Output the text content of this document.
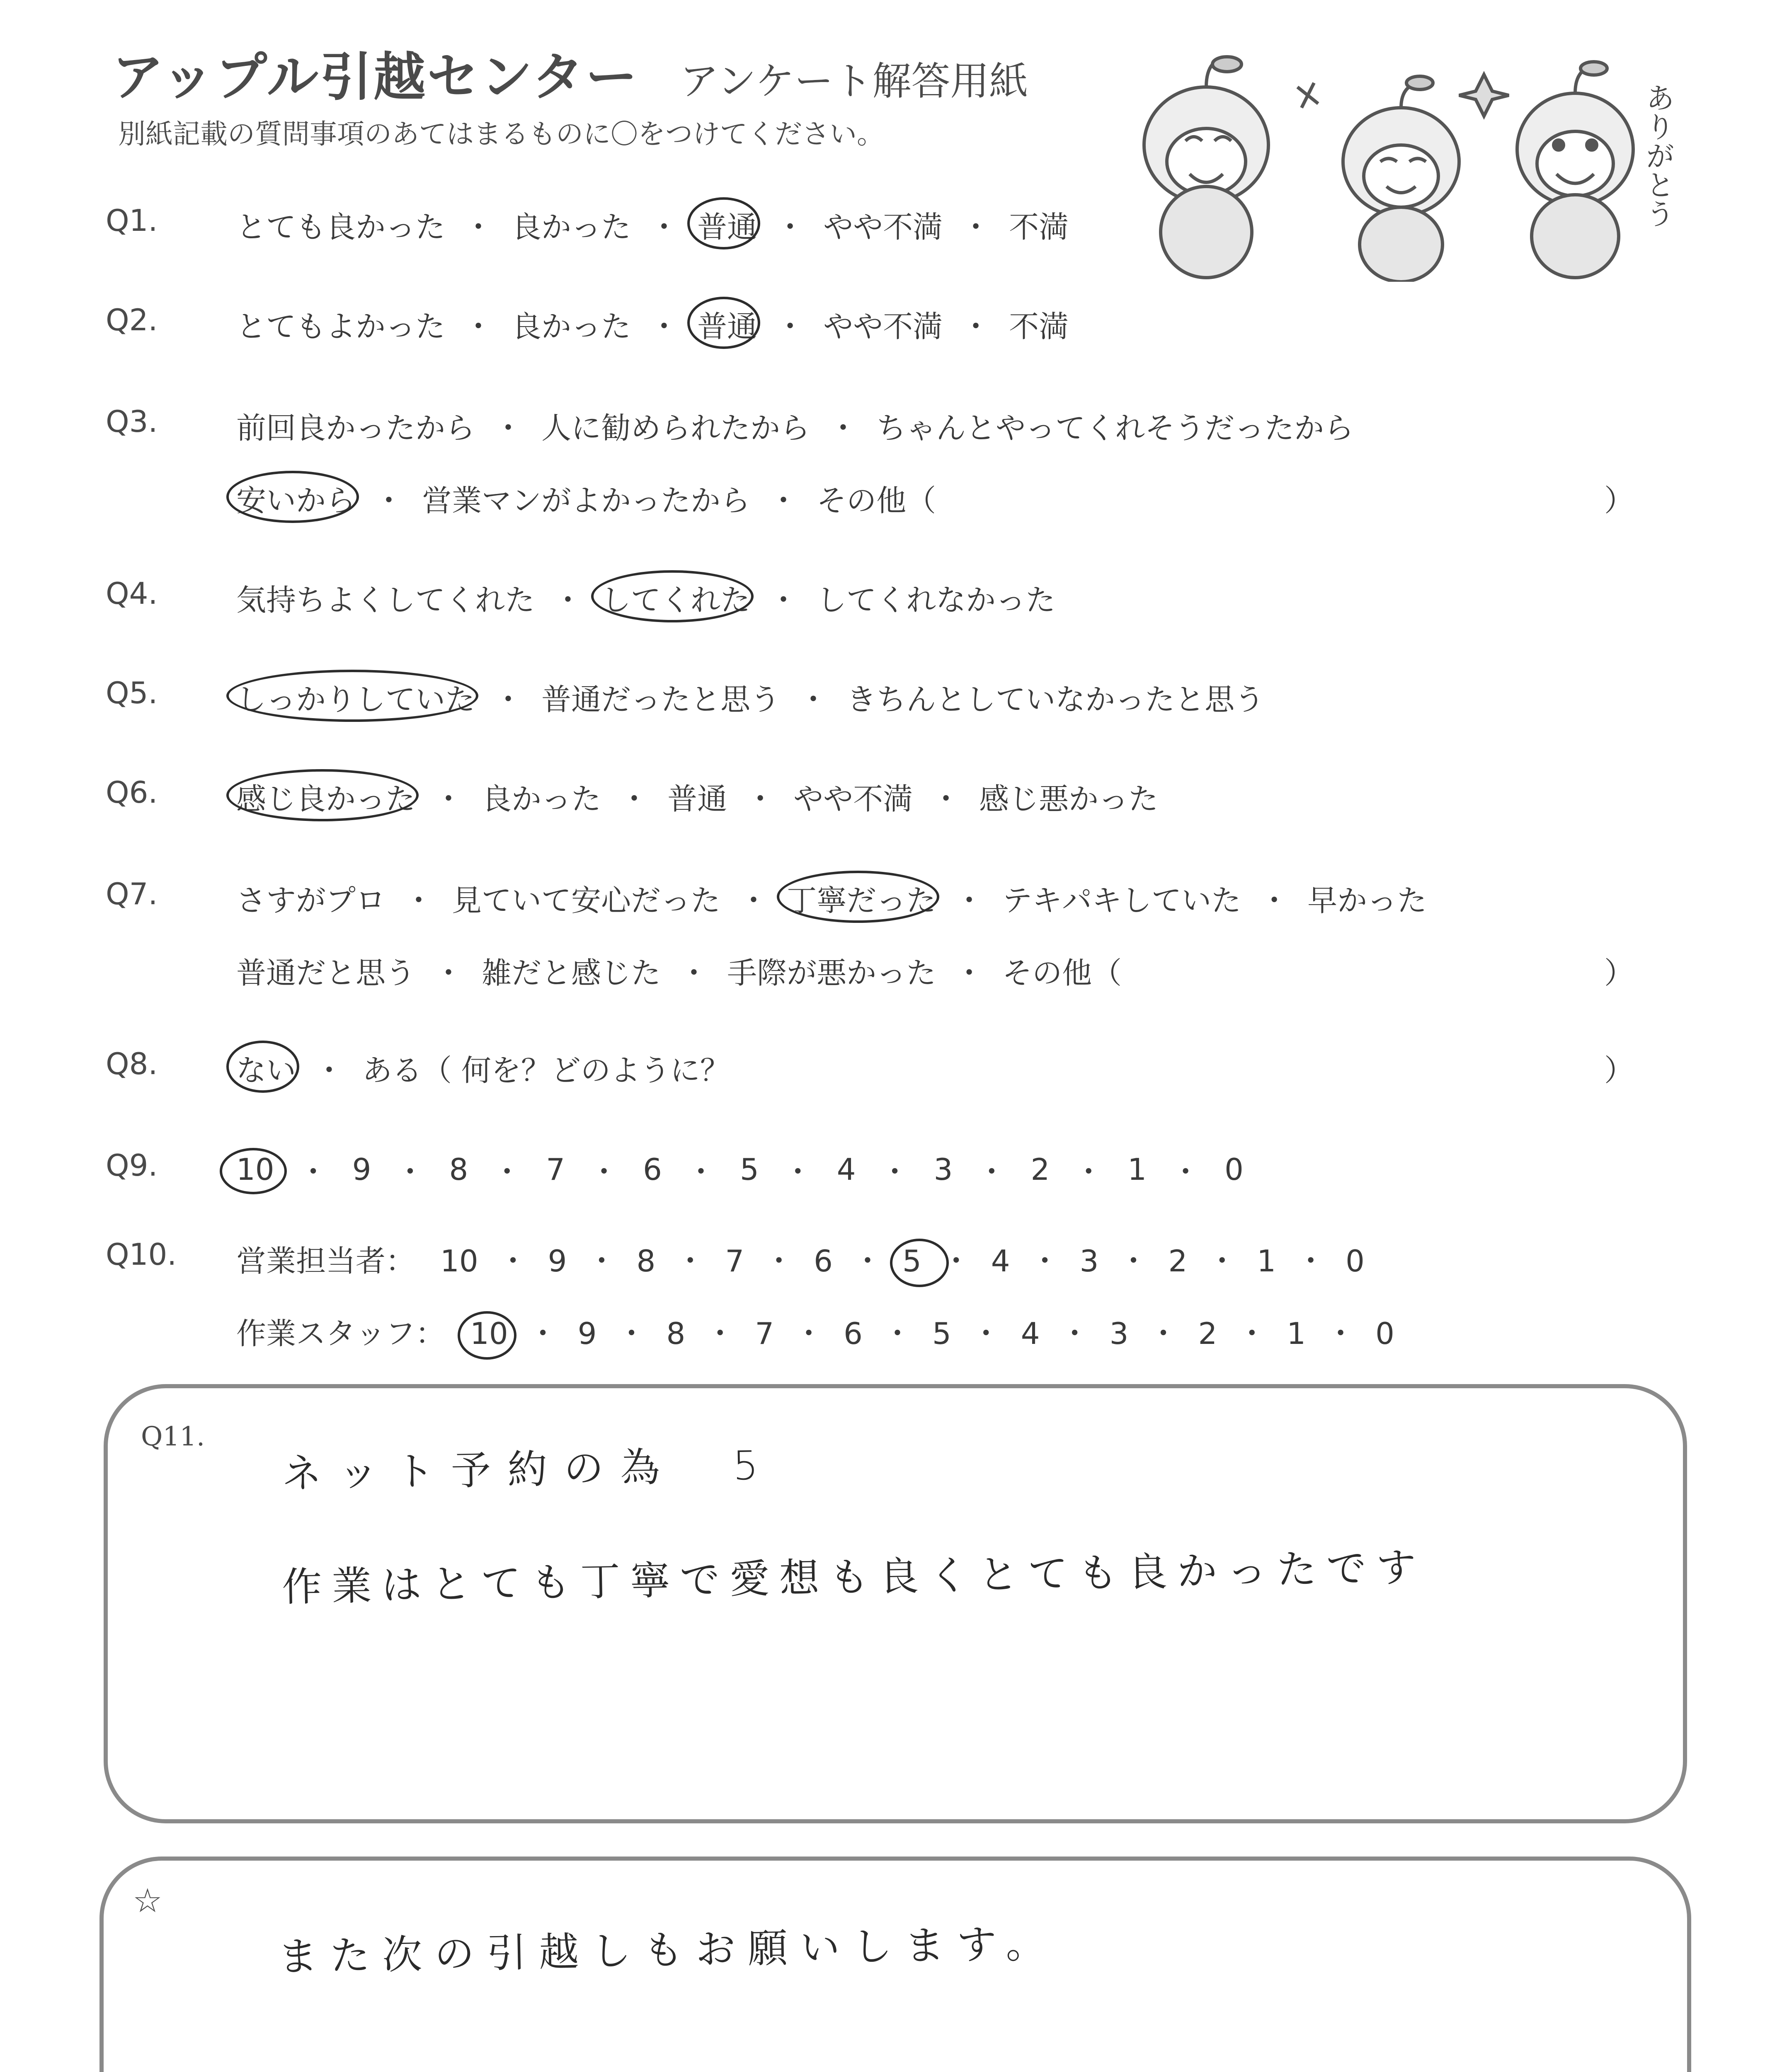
アップル引越センター アンケート解答用紙
別紙記載の質問事項のあてはまるものに〇をつけてください。	ありがとう
Q1.	とても良かった ・ 良かった ・ 普通 ・ やや不満 ・ 不満
Q2.	とてもよかった ・ 良かった ・ 普通 ・ やや不満 ・ 不満
Q3.	前回良かったから ・ 人に勧められたから ・ ちゃんとやってくれそうだったから
安いから ・ 営業マンがよかったから ・ その他（	）
Q4.	気持ちよくしてくれた ・ してくれた ・ してくれなかった
Q5.	しっかりしていた ・ 普通だったと思う ・ きちんとしていなかったと思う
Q6.	感じ良かった ・ 良かった ・ 普通 ・ やや不満 ・ 感じ悪かった
Q7.	さすがプロ ・ 見ていて安心だった ・ 丁寧だった ・ テキパキしていた ・ 早かった
普通だと思う ・ 雑だと感じた ・ 手際が悪かった ・ その他（	）
Q8.	ない ・ ある（ 何を？どのように？	）
Q9.	10 ・ 9 ・ 8 ・ 7 ・ 6 ・ 5 ・ 4 ・ 3 ・ 2 ・ 1 ・ 0
Q10. 営業担当者： 10 ・ 9 ・ 8 ・ 7 ・ 6 ・ 5 ・ 4 ・ 3 ・ 2 ・ 1 ・ 0
作業スタッフ： 10 ・ 9 ・ 8 ・ 7 ・ 6 ・ 5 ・ 4 ・ 3 ・ 2 ・ 1 ・ 0
Q11.
ネット予約の為　5
作業はとても丁寧で愛想も良くとても良かったです
☆
また次の引越しもお願いします。
